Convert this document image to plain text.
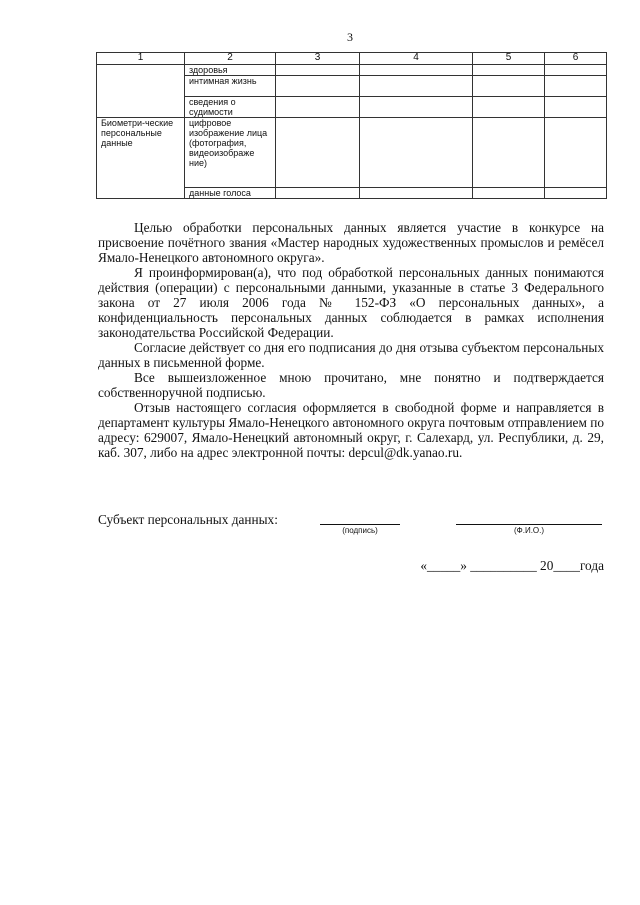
3
1	2	3	4	5	6
	здоровья				
	интимная жизнь				
	сведения о судимости				
Биометри-ческие персональные данные	цифровое изображение лица (фотография, видеоизображе ние)				
	данные голоса				

Целью обработки персональных данных является участие в конкурсе на присвоение почётного звания «Мастер народных художественных промыслов и ремёсел Ямало-Ненецкого автономного округа».

Я проинформирован(а), что под обработкой персональных данных понимаются действия (операции) с персональными данными, указанные в статье 3 Федерального закона от 27 июля 2006 года № 152-ФЗ «О персональных данных», а конфиденциальность персональных данных соблюдается в рамках исполнения законодательства Российской Федерации.

Согласие действует со дня его подписания до дня отзыва субъектом персональных данных в письменной форме.

Все вышеизложенное мною прочитано, мне понятно и подтверждается собственноручной подписью.

Отзыв настоящего согласия оформляется в свободной форме и направляется в департамент культуры Ямало-Ненецкого автономного округа почтовым отправлением по адресу: 629007, Ямало-Ненецкий автономный округ, г. Салехард, ул. Республики, д. 29, каб. 307, либо на адрес электронной почты: depcul@dk.yanao.ru.

Субъект персональных данных:
(подпись)	(Ф.И.О.)
«_____» __________ 20____года
